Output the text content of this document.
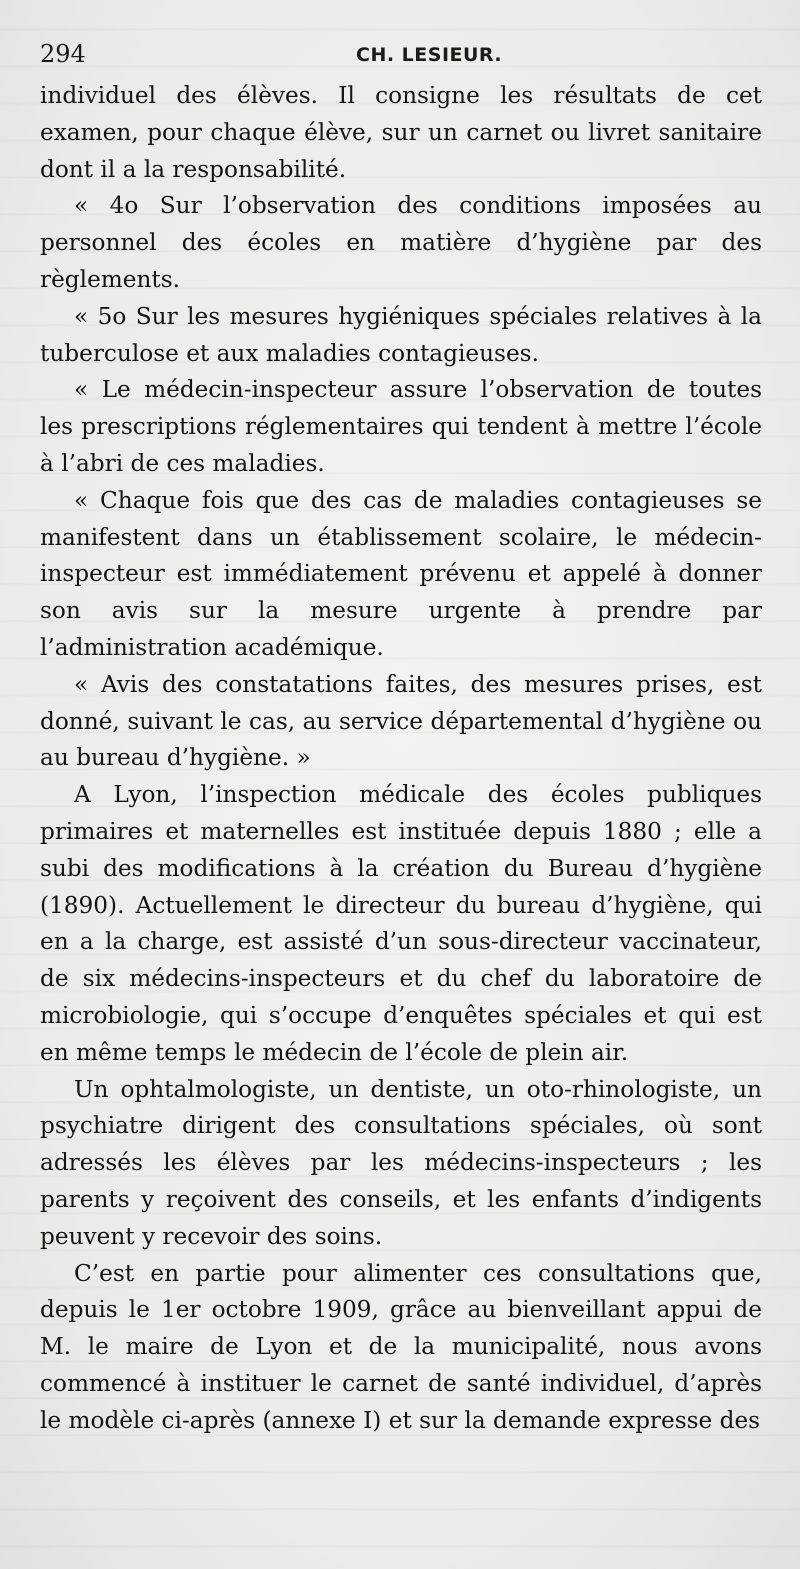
294	CH. LESIEUR.

individuel des élèves. Il consigne les résultats de cet examen, pour chaque élève, sur un carnet ou livret sanitaire dont il a la responsabilité.

« 4o Sur l’observation des conditions imposées au personnel des écoles en matière d’hygiène par des règlements.

« 5o Sur les mesures hygiéniques spéciales relatives à la tuberculose et aux maladies contagieuses.

« Le médecin-inspecteur assure l’observation de toutes les prescriptions réglementaires qui tendent à mettre l’école à l’abri de ces maladies.

« Chaque fois que des cas de maladies contagieuses se manifestent dans un établissement scolaire, le médecin-inspecteur est immédiatement prévenu et appelé à donner son avis sur la mesure urgente à prendre par l’administration académique.

« Avis des constatations faites, des mesures prises, est donné, suivant le cas, au service départemental d’hygiène ou au bureau d’hygiène. »

A Lyon, l’inspection médicale des écoles publiques primaires et maternelles est instituée depuis 1880 ; elle a subi des modifications à la création du Bureau d’hygiène (1890). Actuellement le directeur du bureau d’hygiène, qui en a la charge, est assisté d’un sous-directeur vaccinateur, de six médecins-inspecteurs et du chef du laboratoire de microbiologie, qui s’occupe d’enquêtes spéciales et qui est en même temps le médecin de l’école de plein air.

Un ophtalmologiste, un dentiste, un oto-rhinologiste, un psychiatre dirigent des consultations spéciales, où sont adressés les élèves par les médecins-inspecteurs ; les parents y reçoivent des conseils, et les enfants d’indigents peuvent y recevoir des soins.

C’est en partie pour alimenter ces consultations que, depuis le 1er octobre 1909, grâce au bienveillant appui de M. le maire de Lyon et de la municipalité, nous avons commencé à instituer le carnet de santé individuel, d’après le modèle ci-après (annexe I) et sur la demande expresse des
